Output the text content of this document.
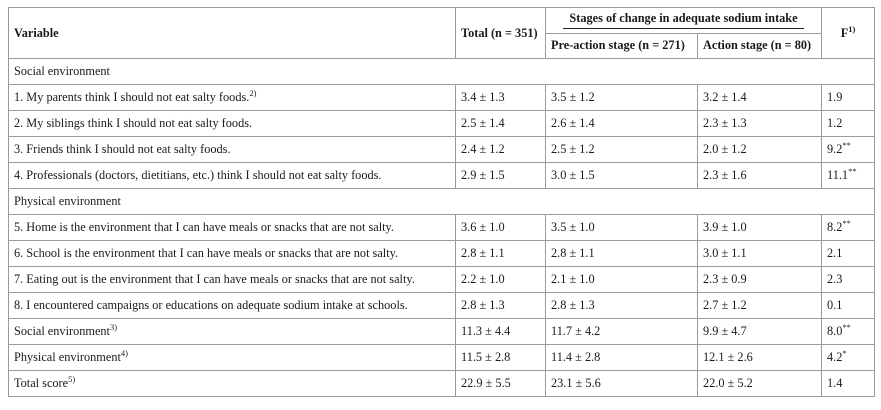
Variable	Total (n = 351)	Stages of change in adequate sodium intake		$F^{1)}$
		Pre-action stage (n = 271)	Action stage (n = 80)	
Social environment				
1. My parents think I should not eat salty foods.$^{2)}$	3.4 ± 1.3	3.5 ± 1.2	3.2 ± 1.4	1.9
2. My siblings think I should not eat salty foods.	2.5 ± 1.4	2.6 ± 1.4	2.3 ± 1.3	1.2
3. Friends think I should not eat salty foods.	2.4 ± 1.2	2.5 ± 1.2	2.0 ± 1.2	9.2**
4. Professionals (doctors, dietitians, etc.) think I should not eat salty foods.	2.9 ± 1.5	3.0 ± 1.5	2.3 ± 1.6	11.1**
Physical environment				
5. Home is the environment that I can have meals or snacks that are not salty.	3.6 ± 1.0	3.5 ± 1.0	3.9 ± 1.0	8.2**
6. School is the environment that I can have meals or snacks that are not salty.	2.8 ± 1.1	2.8 ± 1.1	3.0 ± 1.1	2.1
7. Eating out is the environment that I can have meals or snacks that are not salty.	2.2 ± 1.0	2.1 ± 1.0	2.3 ± 0.9	2.3
8. I encountered campaigns or educations on adequate sodium intake at schools.	2.8 ± 1.3	2.8 ± 1.3	2.7 ± 1.2	0.1
Social environment$^{3)}$	11.3 ± 4.4	11.7 ± 4.2	9.9 ± 4.7	8.0**
Physical environment$^{4)}$	11.5 ± 2.8	11.4 ± 2.8	12.1 ± 2.6	4.2*
Total score$^{5)}$	22.9 ± 5.5	23.1 ± 5.6	22.0 ± 5.2	1.4
